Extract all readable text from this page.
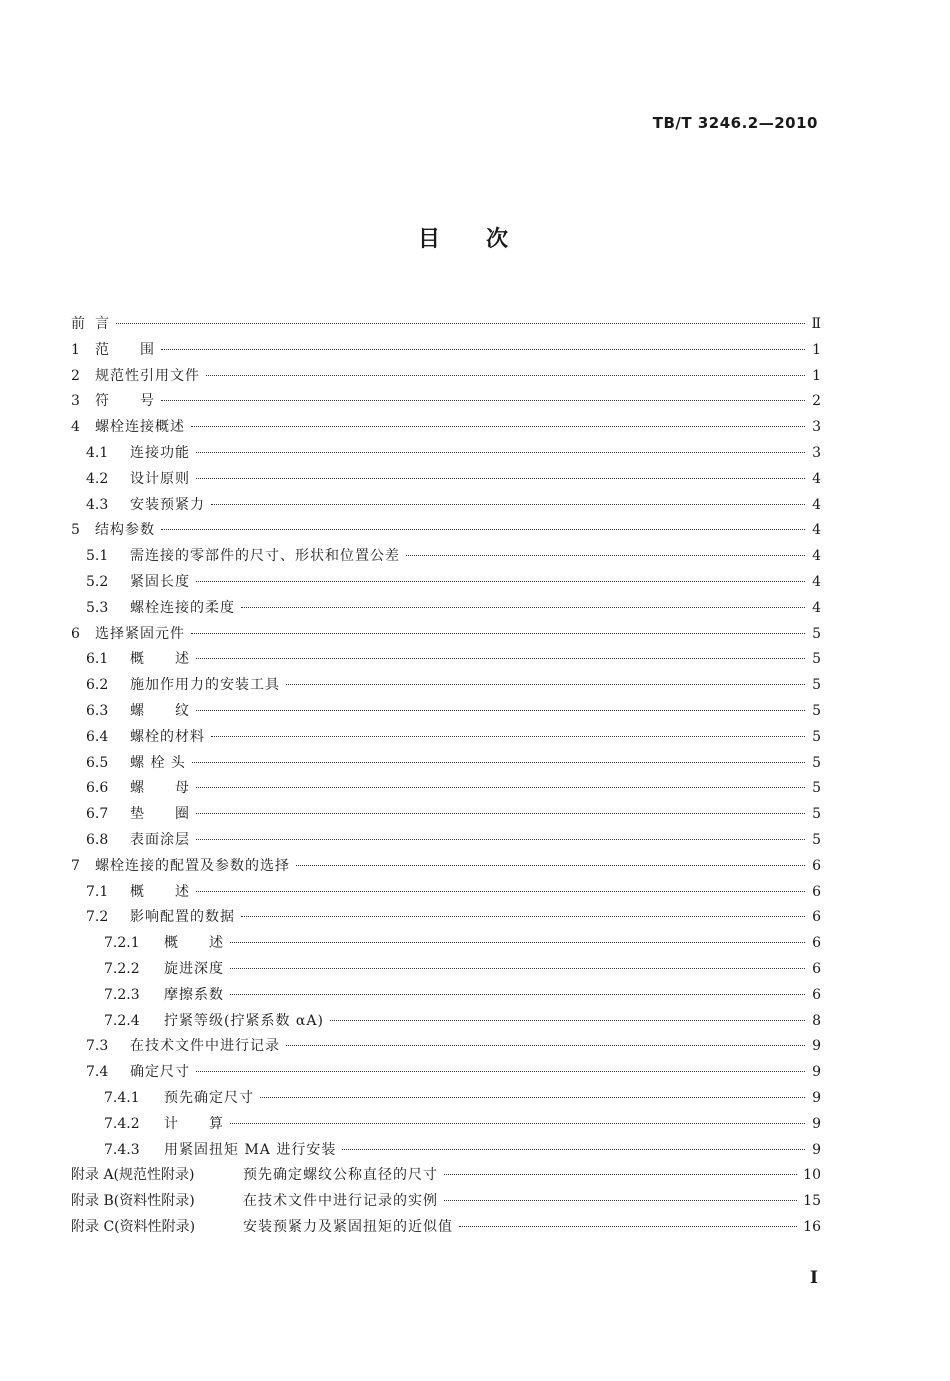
TB/T 3246.2—2010
目次
前 言	Ⅱ
1	范　　围	1
2	规范性引用文件	1
3	符　　号	2
4	螺栓连接概述	3
4.1	连接功能	3
4.2	设计原则	4
4.3	安装预紧力	4
5	结构参数	4
5.1	需连接的零部件的尺寸、形状和位置公差	4
5.2	紧固长度	4
5.3	螺栓连接的柔度	4
6	选择紧固元件	5
6.1	概　　述	5
6.2	施加作用力的安装工具	5
6.3	螺　　纹	5
6.4	螺栓的材料	5
6.5	螺 栓 头	5
6.6	螺　　母	5
6.7	垫　　圈	5
6.8	表面涂层	5
7	螺栓连接的配置及参数的选择	6
7.1	概　　述	6
7.2	影响配置的数据	6
7.2.1	概　　述	6
7.2.2	旋进深度	6
7.2.3	摩擦系数	6
7.2.4	拧紧等级(拧紧系数 αA)	8
7.3	在技术文件中进行记录	9
7.4	确定尺寸	9
7.4.1	预先确定尺寸	9
7.4.2	计　　算	9
7.4.3	用紧固扭矩 MA 进行安装	9
附录 A(规范性附录)	预先确定螺纹公称直径的尺寸	10
附录 B(资料性附录)	在技术文件中进行记录的实例	15
附录 C(资料性附录)	安装预紧力及紧固扭矩的近似值	16
Ⅰ
